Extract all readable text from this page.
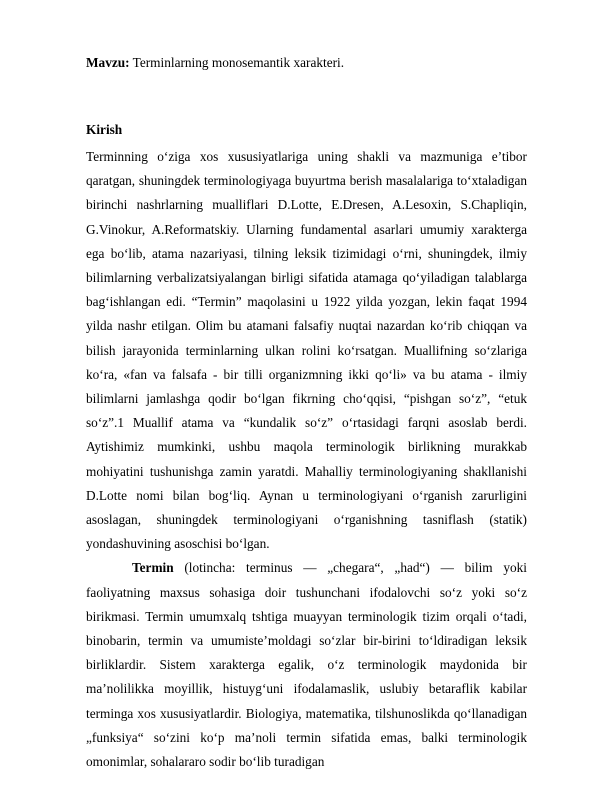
Mavzu: Terminlarning monosemantik xarakteri.

Kirish

Terminning o‘ziga xos xususiyatlariga uning shakli va mazmuniga e’tibor qaratgan, shuningdek terminologiyaga buyurtma berish masalalariga to‘xtaladigan birinchi nashrlarning mualliflari D.Lotte, E.Dresen, A.Lesoxin, S.Chapliqin, G.Vinokur, A.Reformatskiy. Ularning fundamental asarlari umumiy xarakterga ega bo‘lib, atama nazariyasi, tilning leksik tizimidagi o‘rni, shuningdek, ilmiy bilimlarning verbalizatsiyalangan birligi sifatida atamaga qo‘yiladigan talablarga bag‘ishlangan edi. “Termin” maqolasini u 1922 yilda yozgan, lekin faqat 1994 yilda nashr etilgan. Olim bu atamani falsafiy nuqtai nazardan ko‘rib chiqqan va bilish jarayonida terminlarning ulkan rolini ko‘rsatgan. Muallifning so‘zlariga ko‘ra, «fan va falsafa - bir tilli organizmning ikki qo‘li» va bu atama - ilmiy bilimlarni jamlashga qodir bo‘lgan fikrning cho‘qqisi, “pishgan so‘z”, “etuk so‘z”.1 Muallif atama va “kundalik so‘z” o‘rtasidagi farqni asoslab berdi. Aytishimiz mumkinki, ushbu maqola terminologik birlikning murakkab mohiyatini tushunishga zamin yaratdi. Mahalliy terminologiyaning shakllanishi D.Lotte nomi bilan bog‘liq. Aynan u terminologiyani o‘rganish zarurligini asoslagan, shuningdek terminologiyani o‘rganishning tasniflash (statik) yondashuvining asoschisi bo‘lgan.

Termin (lotincha: terminus — „chegara“, „had“) — bilim yoki faoliyatning maxsus sohasiga doir tushunchani ifodalovchi so‘z yoki so‘z birikmasi. Termin umumxalq tshtiga muayyan terminologik tizim orqali o‘tadi, binobarin, termin va umumiste’moldagi so‘zlar bir-birini to‘ldiradigan leksik birliklardir. Sistem xarakterga egalik, o‘z terminologik maydonida bir ma’nolilikka moyillik, histuyg‘uni ifodalamaslik, uslubiy betaraflik kabilar terminga xos xususiyatlardir. Biologiya, matematika, tilshunoslikda qo‘llanadigan „funksiya“ so‘zini ko‘p ma’noli termin sifatida emas, balki terminologik omonimlar, sohalararo sodir bo‘lib turadigan
